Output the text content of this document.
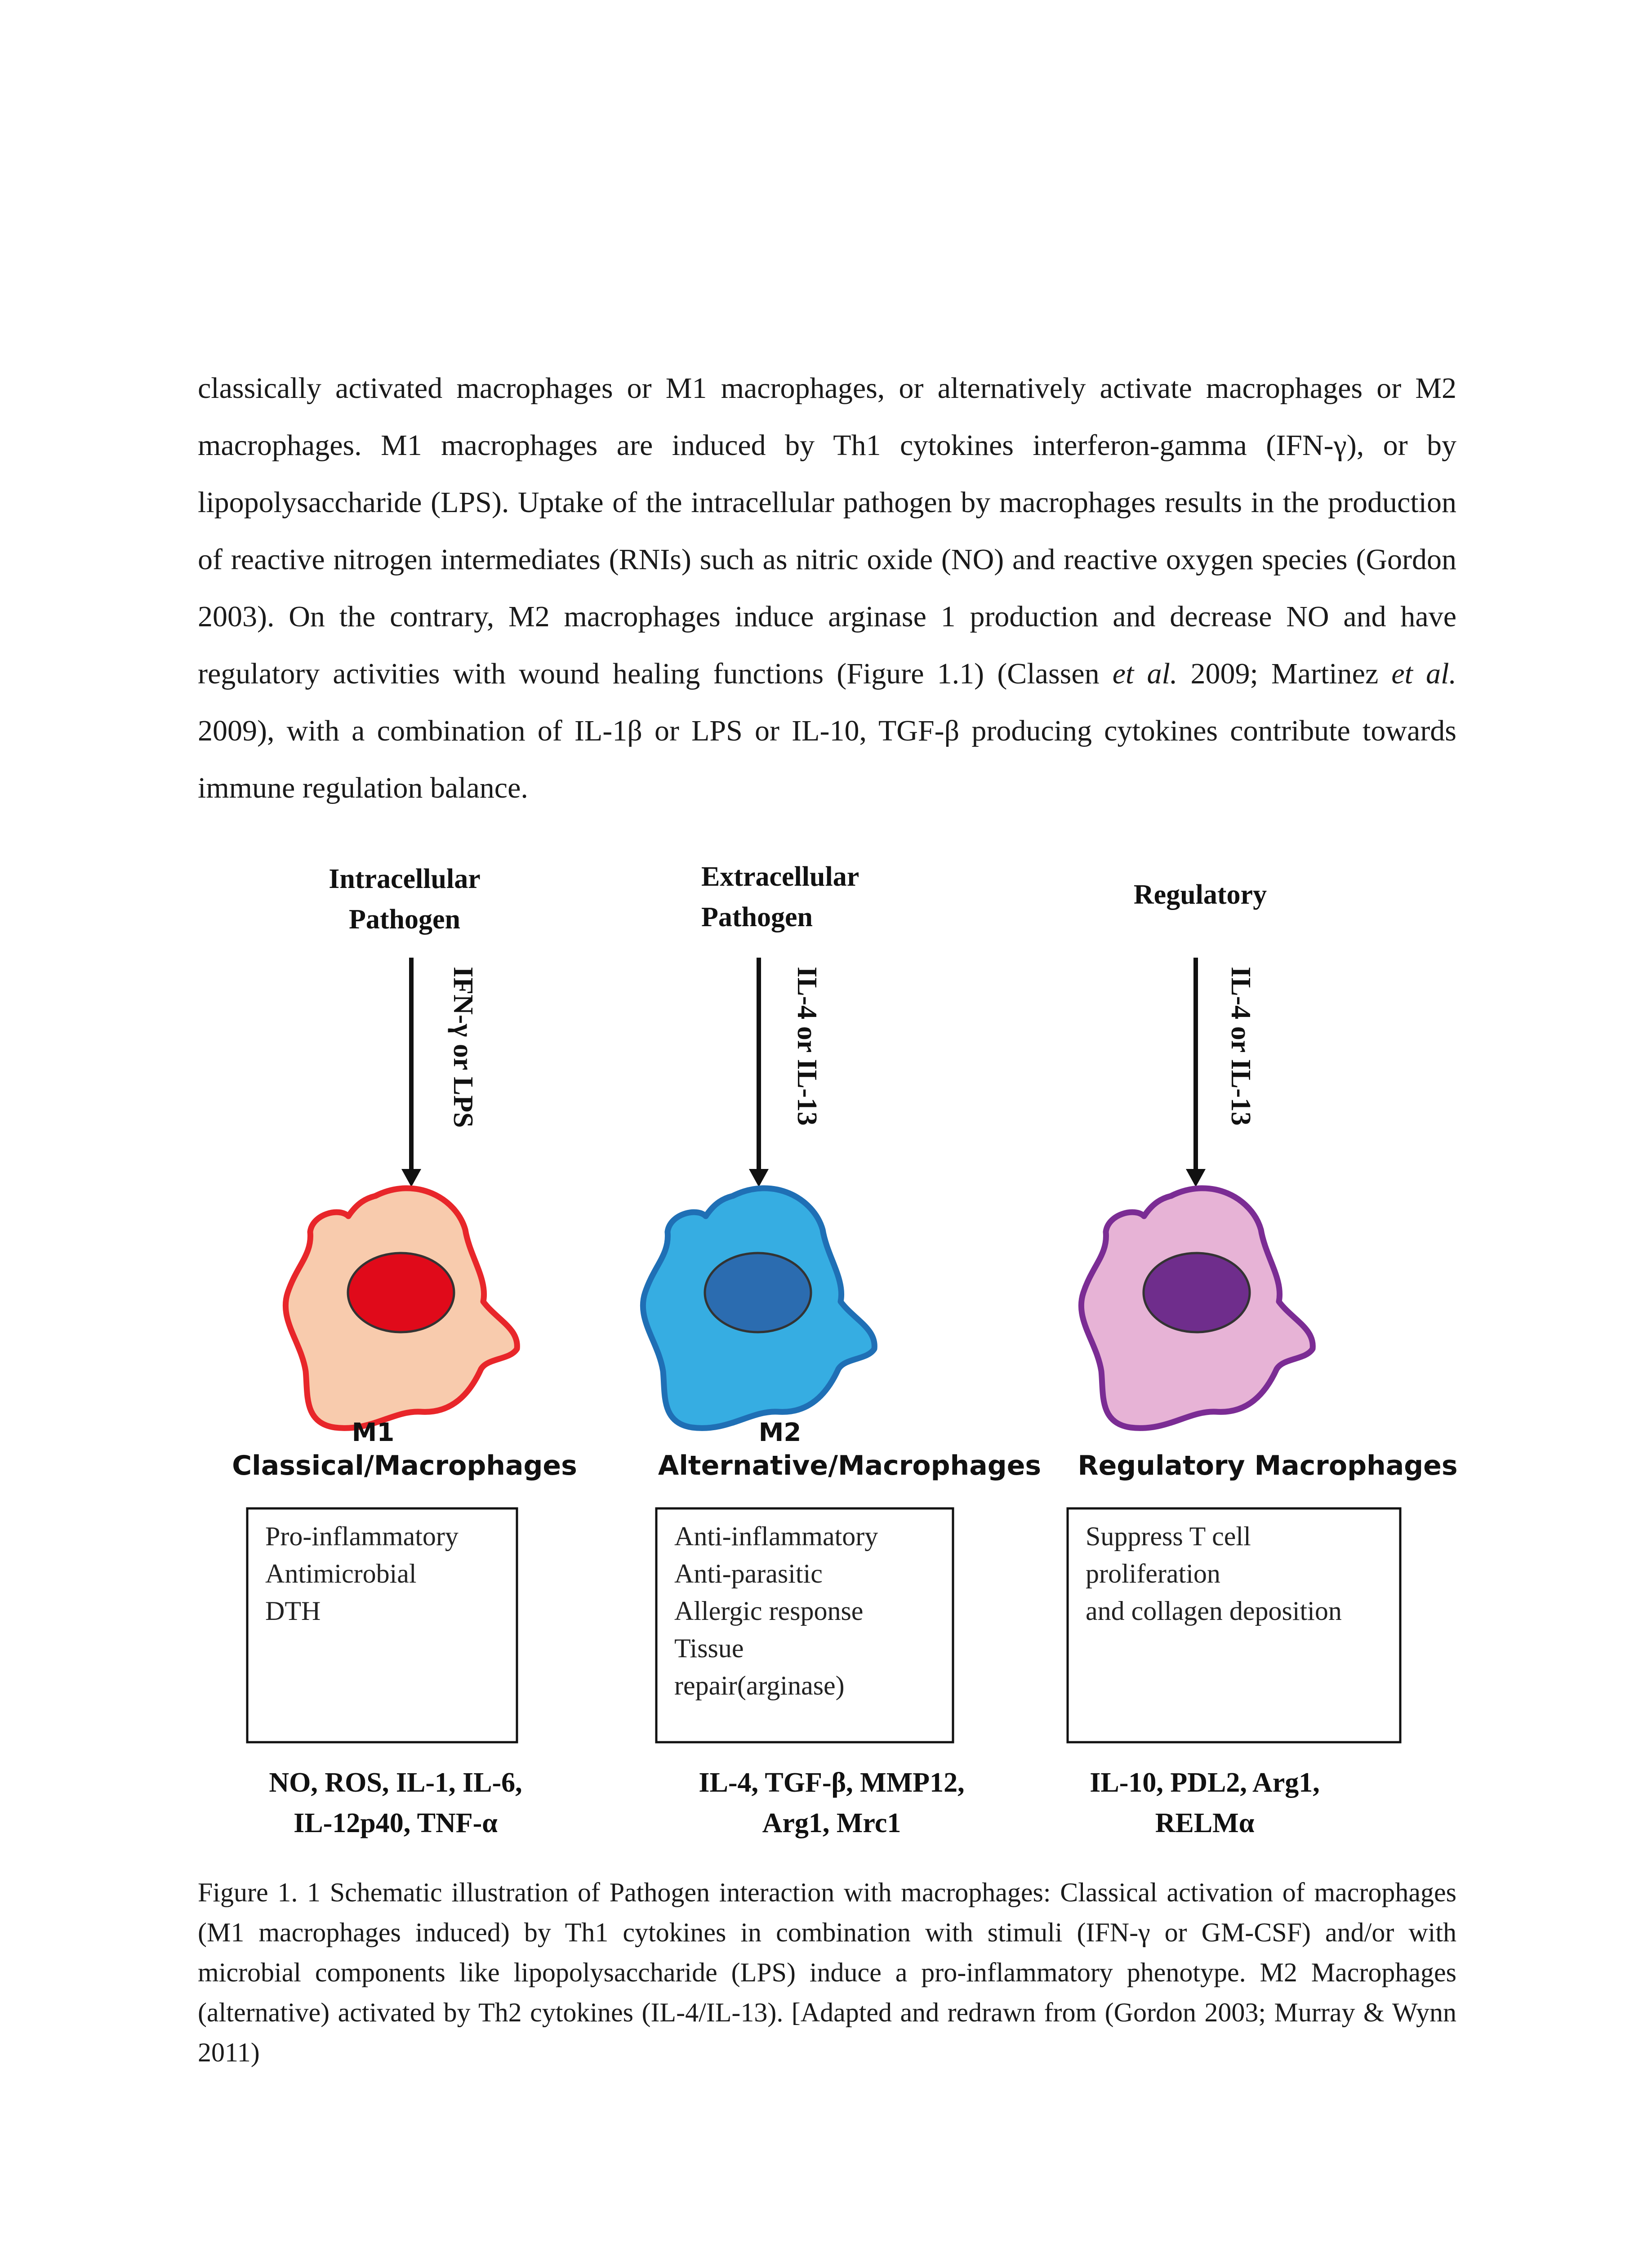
classically activated macrophages or M1 macrophages, or alternatively activate macrophages or M2 macrophages. M1 macrophages are induced by Th1 cytokines interferon-gamma (IFN-γ), or by lipopolysaccharide (LPS). Uptake of the intracellular pathogen by macrophages results in the production of reactive nitrogen intermediates (RNIs) such as nitric oxide (NO) and reactive oxygen species (Gordon 2003). On the contrary, M2 macrophages induce arginase 1 production and decrease NO and have regulatory activities with wound healing functions (Figure 1.1) (Classen et al. 2009; Martinez et al. 2009), with a combination of IL-1β or LPS or IL-10, TGF-β producing cytokines contribute towards immune regulation balance.

Intracellular
Pathogen
IFN-γ or LPS
M1
Classical/Macrophages
Pro-inflammatory
Antimicrobial
DTH
NO, ROS, IL-1, IL-6,
IL-12p40, TNF-α
Extracellular
Pathogen
IL-4 or IL-13
M2
Alternative/Macrophages
Anti-inflammatory
Anti-parasitic
Allergic response
Tissue
repair(arginase)
IL-4, TGF-β, MMP12,
Arg1, Mrc1
Regulatory
IL-4 or IL-13
Regulatory Macrophages
Suppress T cell
proliferation
and collagen deposition
IL-10, PDL2, Arg1,
RELMα

Figure 1. 1 Schematic illustration of Pathogen interaction with macrophages: Classical activation of macrophages (M1 macrophages induced) by Th1 cytokines in combination with stimuli (IFN-γ or GM-CSF) and/or with microbial components like lipopolysaccharide (LPS) induce a pro-inflammatory phenotype. M2 Macrophages (alternative) activated by Th2 cytokines (IL-4/IL-13). [Adapted and redrawn from (Gordon 2003; Murray & Wynn 2011)
